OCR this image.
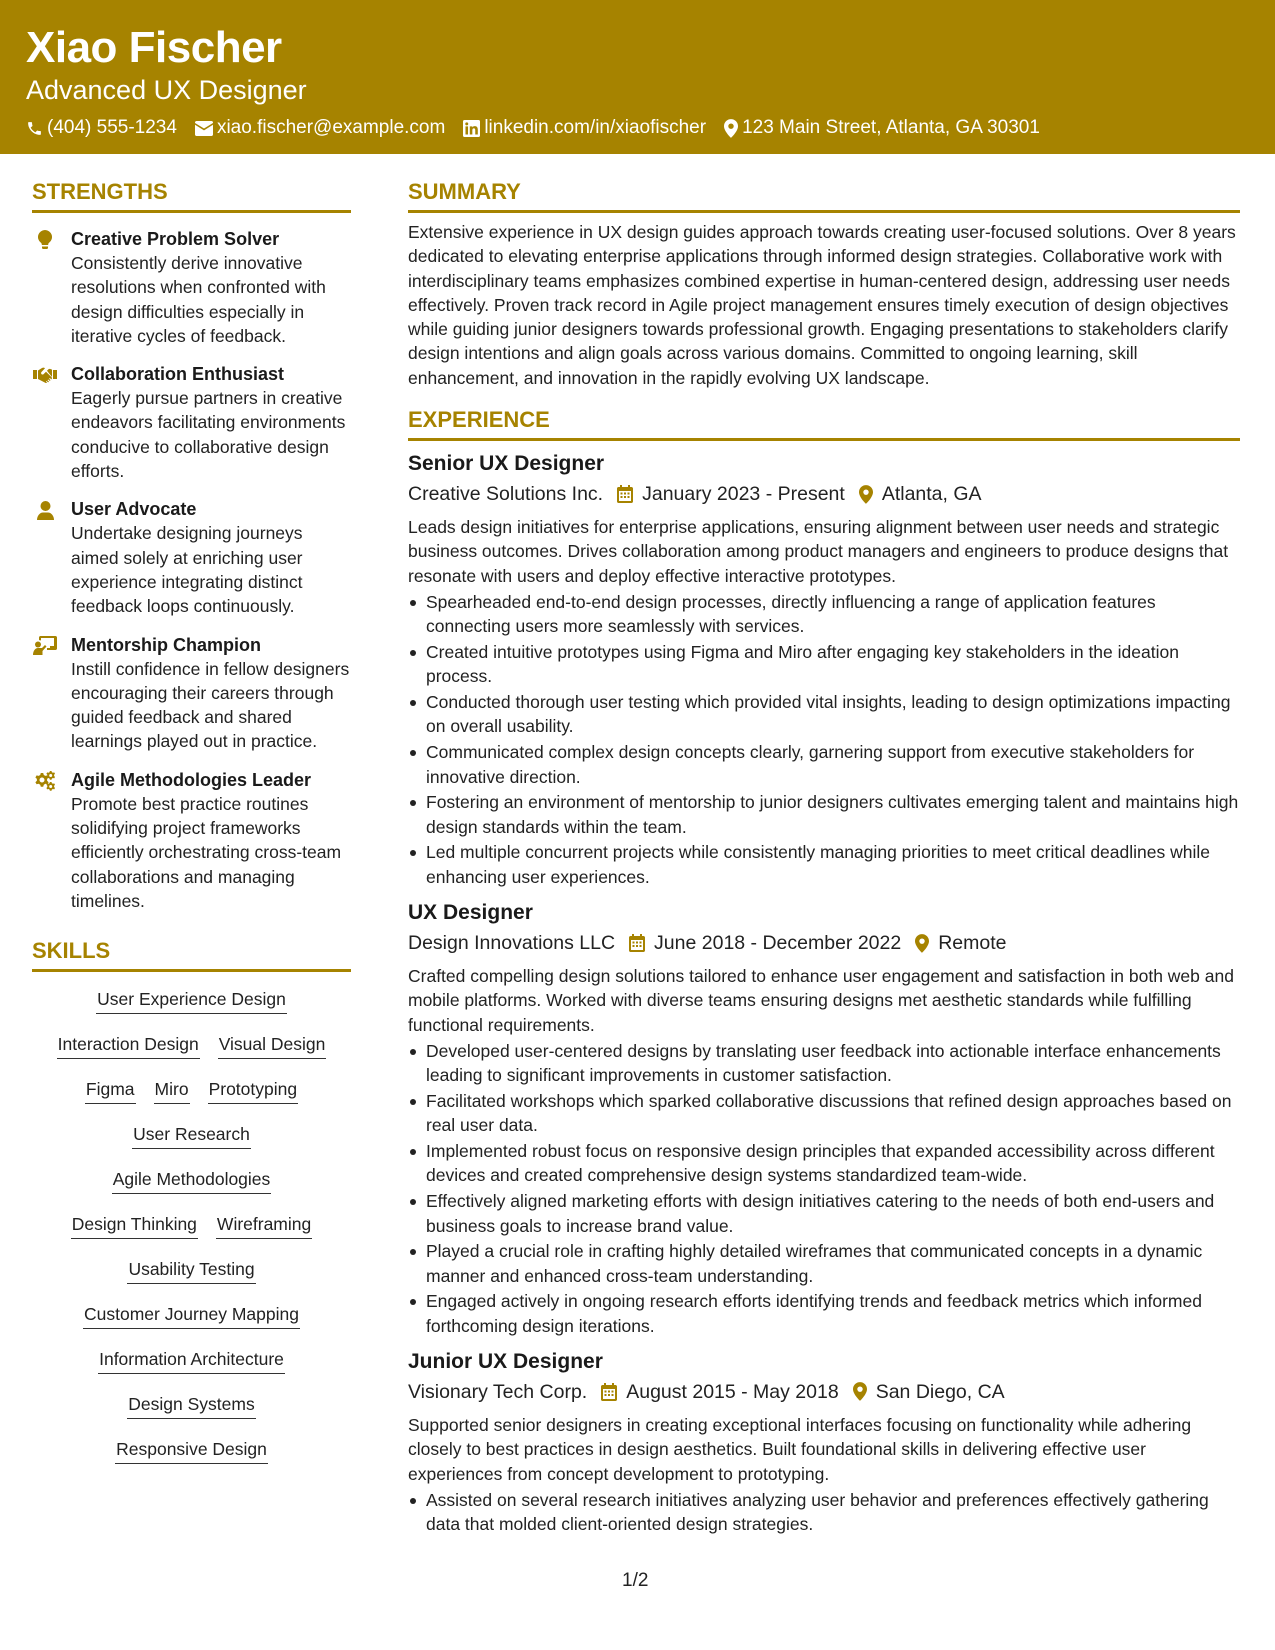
Xiao Fischer
Advanced UX Designer
(404) 555-1234 xiao.fischer@example.com linkedin.com/in/xiaofischer 123 Main Street, Atlanta, GA 30301
STRENGTHS
Creative Problem Solver
Consistently derive innovative resolutions when confronted with design difficulties especially in iterative cycles of feedback.
Collaboration Enthusiast
Eagerly pursue partners in creative endeavors facilitating environments conducive to collaborative design efforts.
User Advocate
Undertake designing journeys aimed solely at enriching user experience integrating distinct feedback loops continuously.
Mentorship Champion
Instill confidence in fellow designers encouraging their careers through guided feedback and shared learnings played out in practice.
Agile Methodologies Leader
Promote best practice routines solidifying project frameworks efficiently orchestrating cross-team collaborations and managing timelines.
SKILLS
User Experience Design
Interaction Design Visual Design
Figma Miro Prototyping
User Research
Agile Methodologies
Design Thinking Wireframing
Usability Testing
Customer Journey Mapping
Information Architecture
Design Systems
Responsive Design
SUMMARY

Extensive experience in UX design guides approach towards creating user-focused solutions. Over 8 years dedicated to elevating enterprise applications through informed design strategies. Collaborative work with interdisciplinary teams emphasizes combined expertise in human-centered design, addressing user needs effectively. Proven track record in Agile project management ensures timely execution of design objectives while guiding junior designers towards professional growth. Engaging presentations to stakeholders clarify design intentions and align goals across various domains. Committed to ongoing learning, skill enhancement, and innovation in the rapidly evolving UX landscape.

EXPERIENCE
Senior UX Designer
Creative Solutions Inc. January 2023 - Present Atlanta, GA

Leads design initiatives for enterprise applications, ensuring alignment between user needs and strategic business outcomes. Drives collaboration among product managers and engineers to produce designs that resonate with users and deploy effective interactive prototypes.

Spearheaded end-to-end design processes, directly influencing a range of application features connecting users more seamlessly with services.
Created intuitive prototypes using Figma and Miro after engaging key stakeholders in the ideation process.
Conducted thorough user testing which provided vital insights, leading to design optimizations impacting on overall usability.
Communicated complex design concepts clearly, garnering support from executive stakeholders for innovative direction.
Fostering an environment of mentorship to junior designers cultivates emerging talent and maintains high design standards within the team.
Led multiple concurrent projects while consistently managing priorities to meet critical deadlines while enhancing user experiences.
UX Designer
Design Innovations LLC June 2018 - December 2022 Remote

Crafted compelling design solutions tailored to enhance user engagement and satisfaction in both web and mobile platforms. Worked with diverse teams ensuring designs met aesthetic standards while fulfilling functional requirements.

Developed user-centered designs by translating user feedback into actionable interface enhancements leading to significant improvements in customer satisfaction.
Facilitated workshops which sparked collaborative discussions that refined design approaches based on real user data.
Implemented robust focus on responsive design principles that expanded accessibility across different devices and created comprehensive design systems standardized team-wide.
Effectively aligned marketing efforts with design initiatives catering to the needs of both end-users and business goals to increase brand value.
Played a crucial role in crafting highly detailed wireframes that communicated concepts in a dynamic manner and enhanced cross-team understanding.
Engaged actively in ongoing research efforts identifying trends and feedback metrics which informed forthcoming design iterations.
Junior UX Designer
Visionary Tech Corp. August 2015 - May 2018 San Diego, CA

Supported senior designers in creating exceptional interfaces focusing on functionality while adhering closely to best practices in design aesthetics. Built foundational skills in delivering effective user experiences from concept development to prototyping.

Assisted on several research initiatives analyzing user behavior and preferences effectively gathering data that molded client-oriented design strategies.
1/2
